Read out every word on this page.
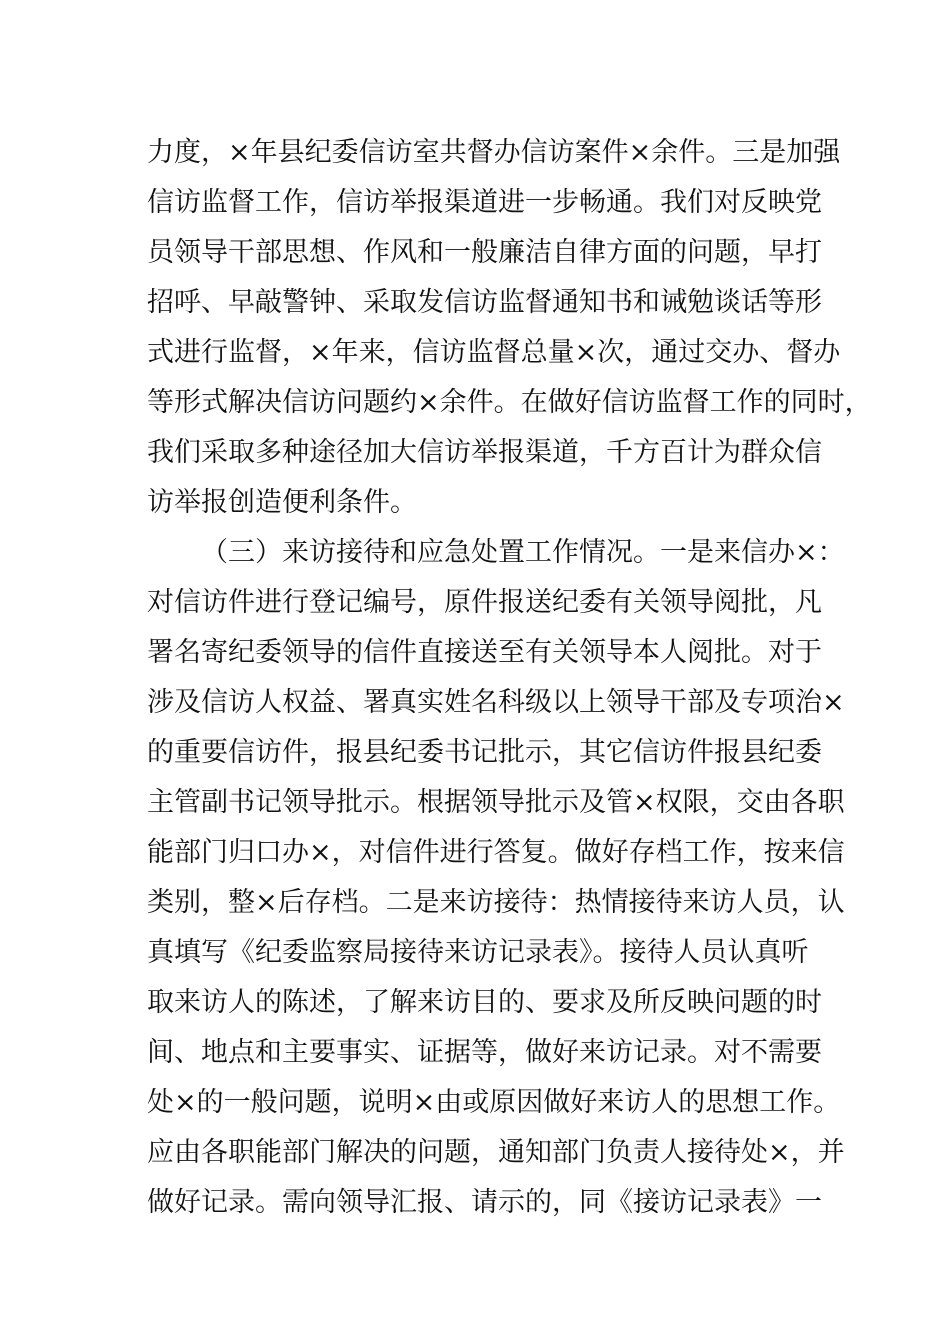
力度，×年县纪委信访室共督办信访案件×余件。三是加强
信访监督工作，信访举报渠道进一步畅通。我们对反映党
员领导干部思想、作风和一般廉洁自律方面的问题，早打
招呼、早敲警钟、采取发信访监督通知书和诫勉谈话等形
式进行监督，×年来，信访监督总量×次，通过交办、督办
等形式解决信访问题约×余件。在做好信访监督工作的同时，
我们采取多种途径加大信访举报渠道，千方百计为群众信
访举报创造便利条件。
（三）来访接待和应急处置工作情况。一是来信办×：
对信访件进行登记编号，原件报送纪委有关领导阅批，凡
署名寄纪委领导的信件直接送至有关领导本人阅批。对于
涉及信访人权益、署真实姓名科级以上领导干部及专项治×
的重要信访件，报县纪委书记批示，其它信访件报县纪委
主管副书记领导批示。根据领导批示及管×权限，交由各职
能部门归口办×，对信件进行答复。做好存档工作，按来信
类别，整×后存档。二是来访接待：热情接待来访人员，认
真填写《纪委监察局接待来访记录表》。接待人员认真听
取来访人的陈述，了解来访目的、要求及所反映问题的时
间、地点和主要事实、证据等，做好来访记录。对不需要
处×的一般问题，说明×由或原因做好来访人的思想工作。
应由各职能部门解决的问题，通知部门负责人接待处×，并
做好记录。需向领导汇报、请示的，同《接访记录表》一
